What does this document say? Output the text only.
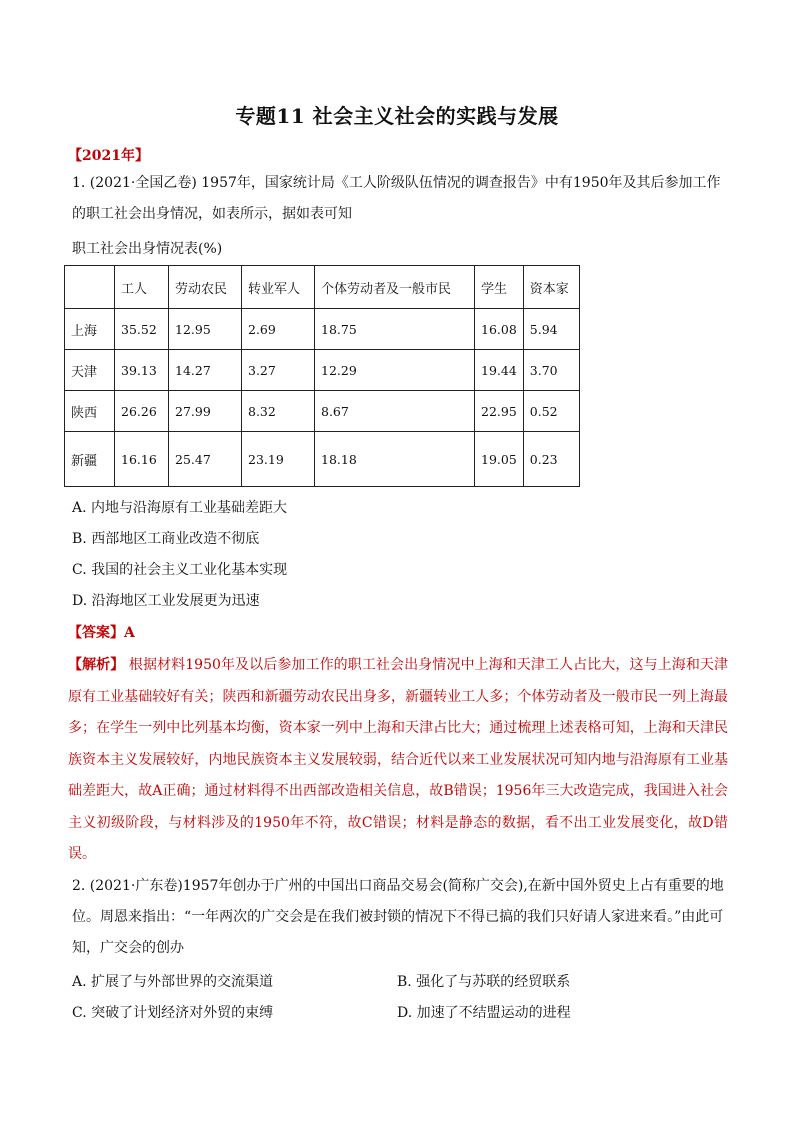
专题11 社会主义社会的实践与发展
【2021年】
1. (2021·全国乙卷) 1957年，国家统计局《工人阶级队伍情况的调查报告》中有1950年及其后参加工作的职工社会出身情况，如表所示，据如表可知
职工社会出身情况表(%)
	工人	劳动农民	转业军人	个体劳动者及一般市民	学生	资本家
上海	35.52	12.95	2.69	18.75	16.08	5.94
天津	39.13	14.27	3.27	12.29	19.44	3.70
陕西	26.26	27.99	8.32	8.67	22.95	0.52
新疆	16.16	25.47	23.19	18.18	19.05	0.23
A. 内地与沿海原有工业基础差距大
B. 西部地区工商业改造不彻底
C. 我国的社会主义工业化基本实现
D. 沿海地区工业发展更为迅速
【答案】A
【解析】 根据材料1950年及以后参加工作的职工社会出身情况中上海和天津工人占比大，这与上海和天津原有工业基础较好有关；陕西和新疆劳动农民出身多，新疆转业工人多；个体劳动者及一般市民一列上海最多；在学生一列中比列基本均衡，资本家一列中上海和天津占比大；通过梳理上述表格可知，上海和天津民族资本主义发展较好，内地民族资本主义发展较弱，结合近代以来工业发展状况可知内地与沿海原有工业基础差距大，故A正确；通过材料得不出西部改造相关信息，故B错误；1956年三大改造完成，我国进入社会主义初级阶段，与材料涉及的1950年不符，故C错误；材料是静态的数据，看不出工业发展变化，故D错误。
2. (2021·广东卷)1957年创办于广州的中国出口商品交易会(简称广交会),在新中国外贸史上占有重要的地位。周恩来指出：“一年两次的广交会是在我们被封锁的情况下不得已搞的我们只好请人家进来看。”由此可知，广交会的创办
A. 扩展了与外部世界的交流渠道	B. 强化了与苏联的经贸联系
C. 突破了计划经济对外贸的束缚	D. 加速了不结盟运动的进程
